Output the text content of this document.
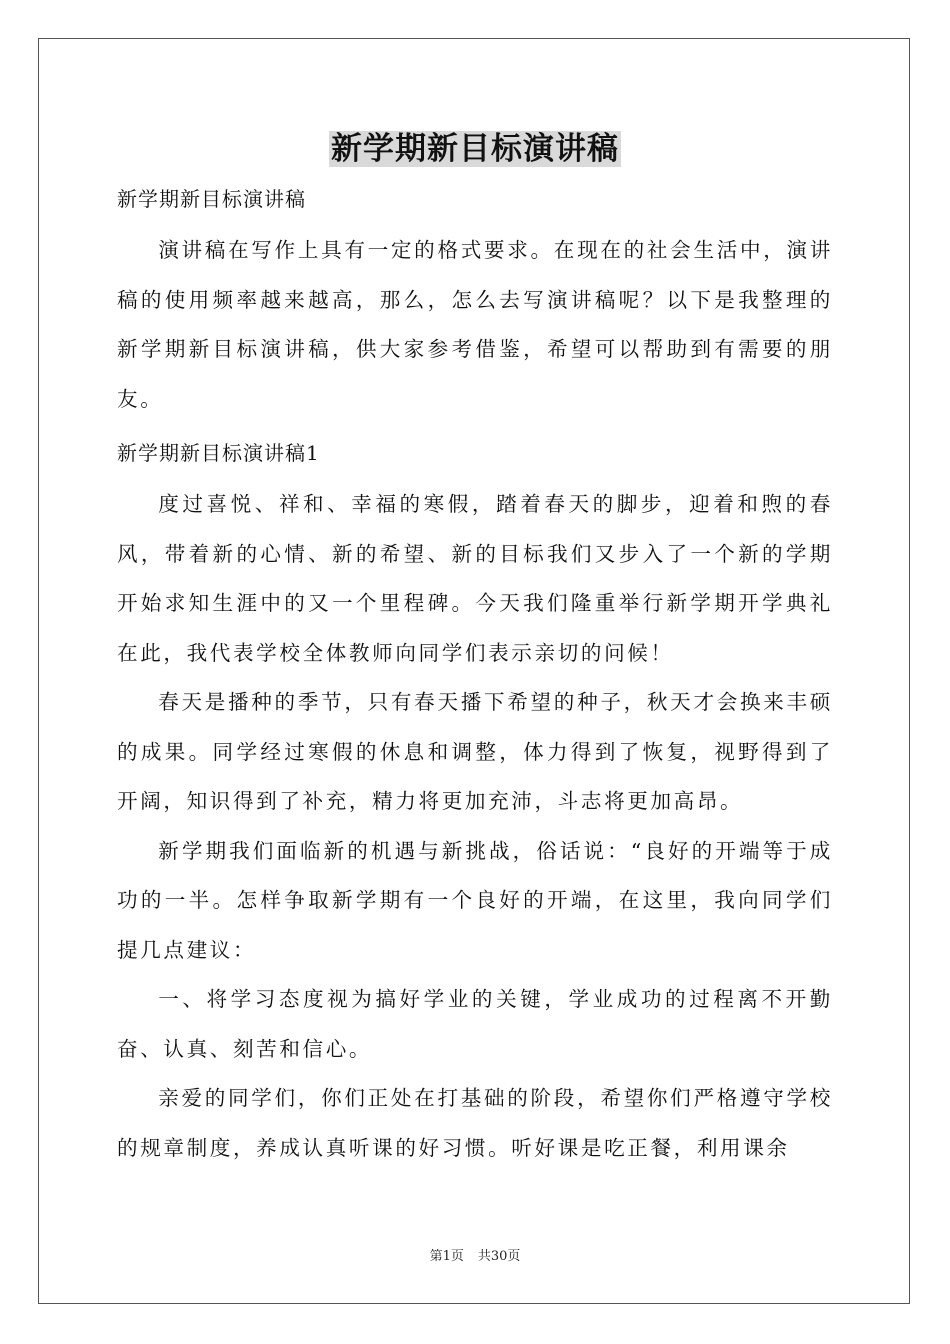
新学期新目标演讲稿

新学期新目标演讲稿

演讲稿在写作上具有一定的格式要求。在现在的社会生活中，演讲稿的使用频率越来越高，那么，怎么去写演讲稿呢？以下是我整理的新学期新目标演讲稿，供大家参考借鉴，希望可以帮助到有需要的朋友。

新学期新目标演讲稿1

度过喜悦、祥和、幸福的寒假，踏着春天的脚步，迎着和煦的春风，带着新的心情、新的希望、新的目标我们又步入了一个新的学期开始求知生涯中的又一个里程碑。今天我们隆重举行新学期开学典礼在此，我代表学校全体教师向同学们表示亲切的问候！

春天是播种的季节，只有春天播下希望的种子，秋天才会换来丰硕的成果。同学经过寒假的休息和调整，体力得到了恢复，视野得到了开阔，知识得到了补充，精力将更加充沛，斗志将更加高昂。

新学期我们面临新的机遇与新挑战，俗话说：“良好的开端等于成功的一半。怎样争取新学期有一个良好的开端，在这里，我向同学们提几点建议：

一、将学习态度视为搞好学业的关键，学业成功的过程离不开勤奋、认真、刻苦和信心。

亲爱的同学们，你们正处在打基础的阶段，希望你们严格遵守学校的规章制度，养成认真听课的好习惯。听好课是吃正餐，利用课余

第1页 共30页
